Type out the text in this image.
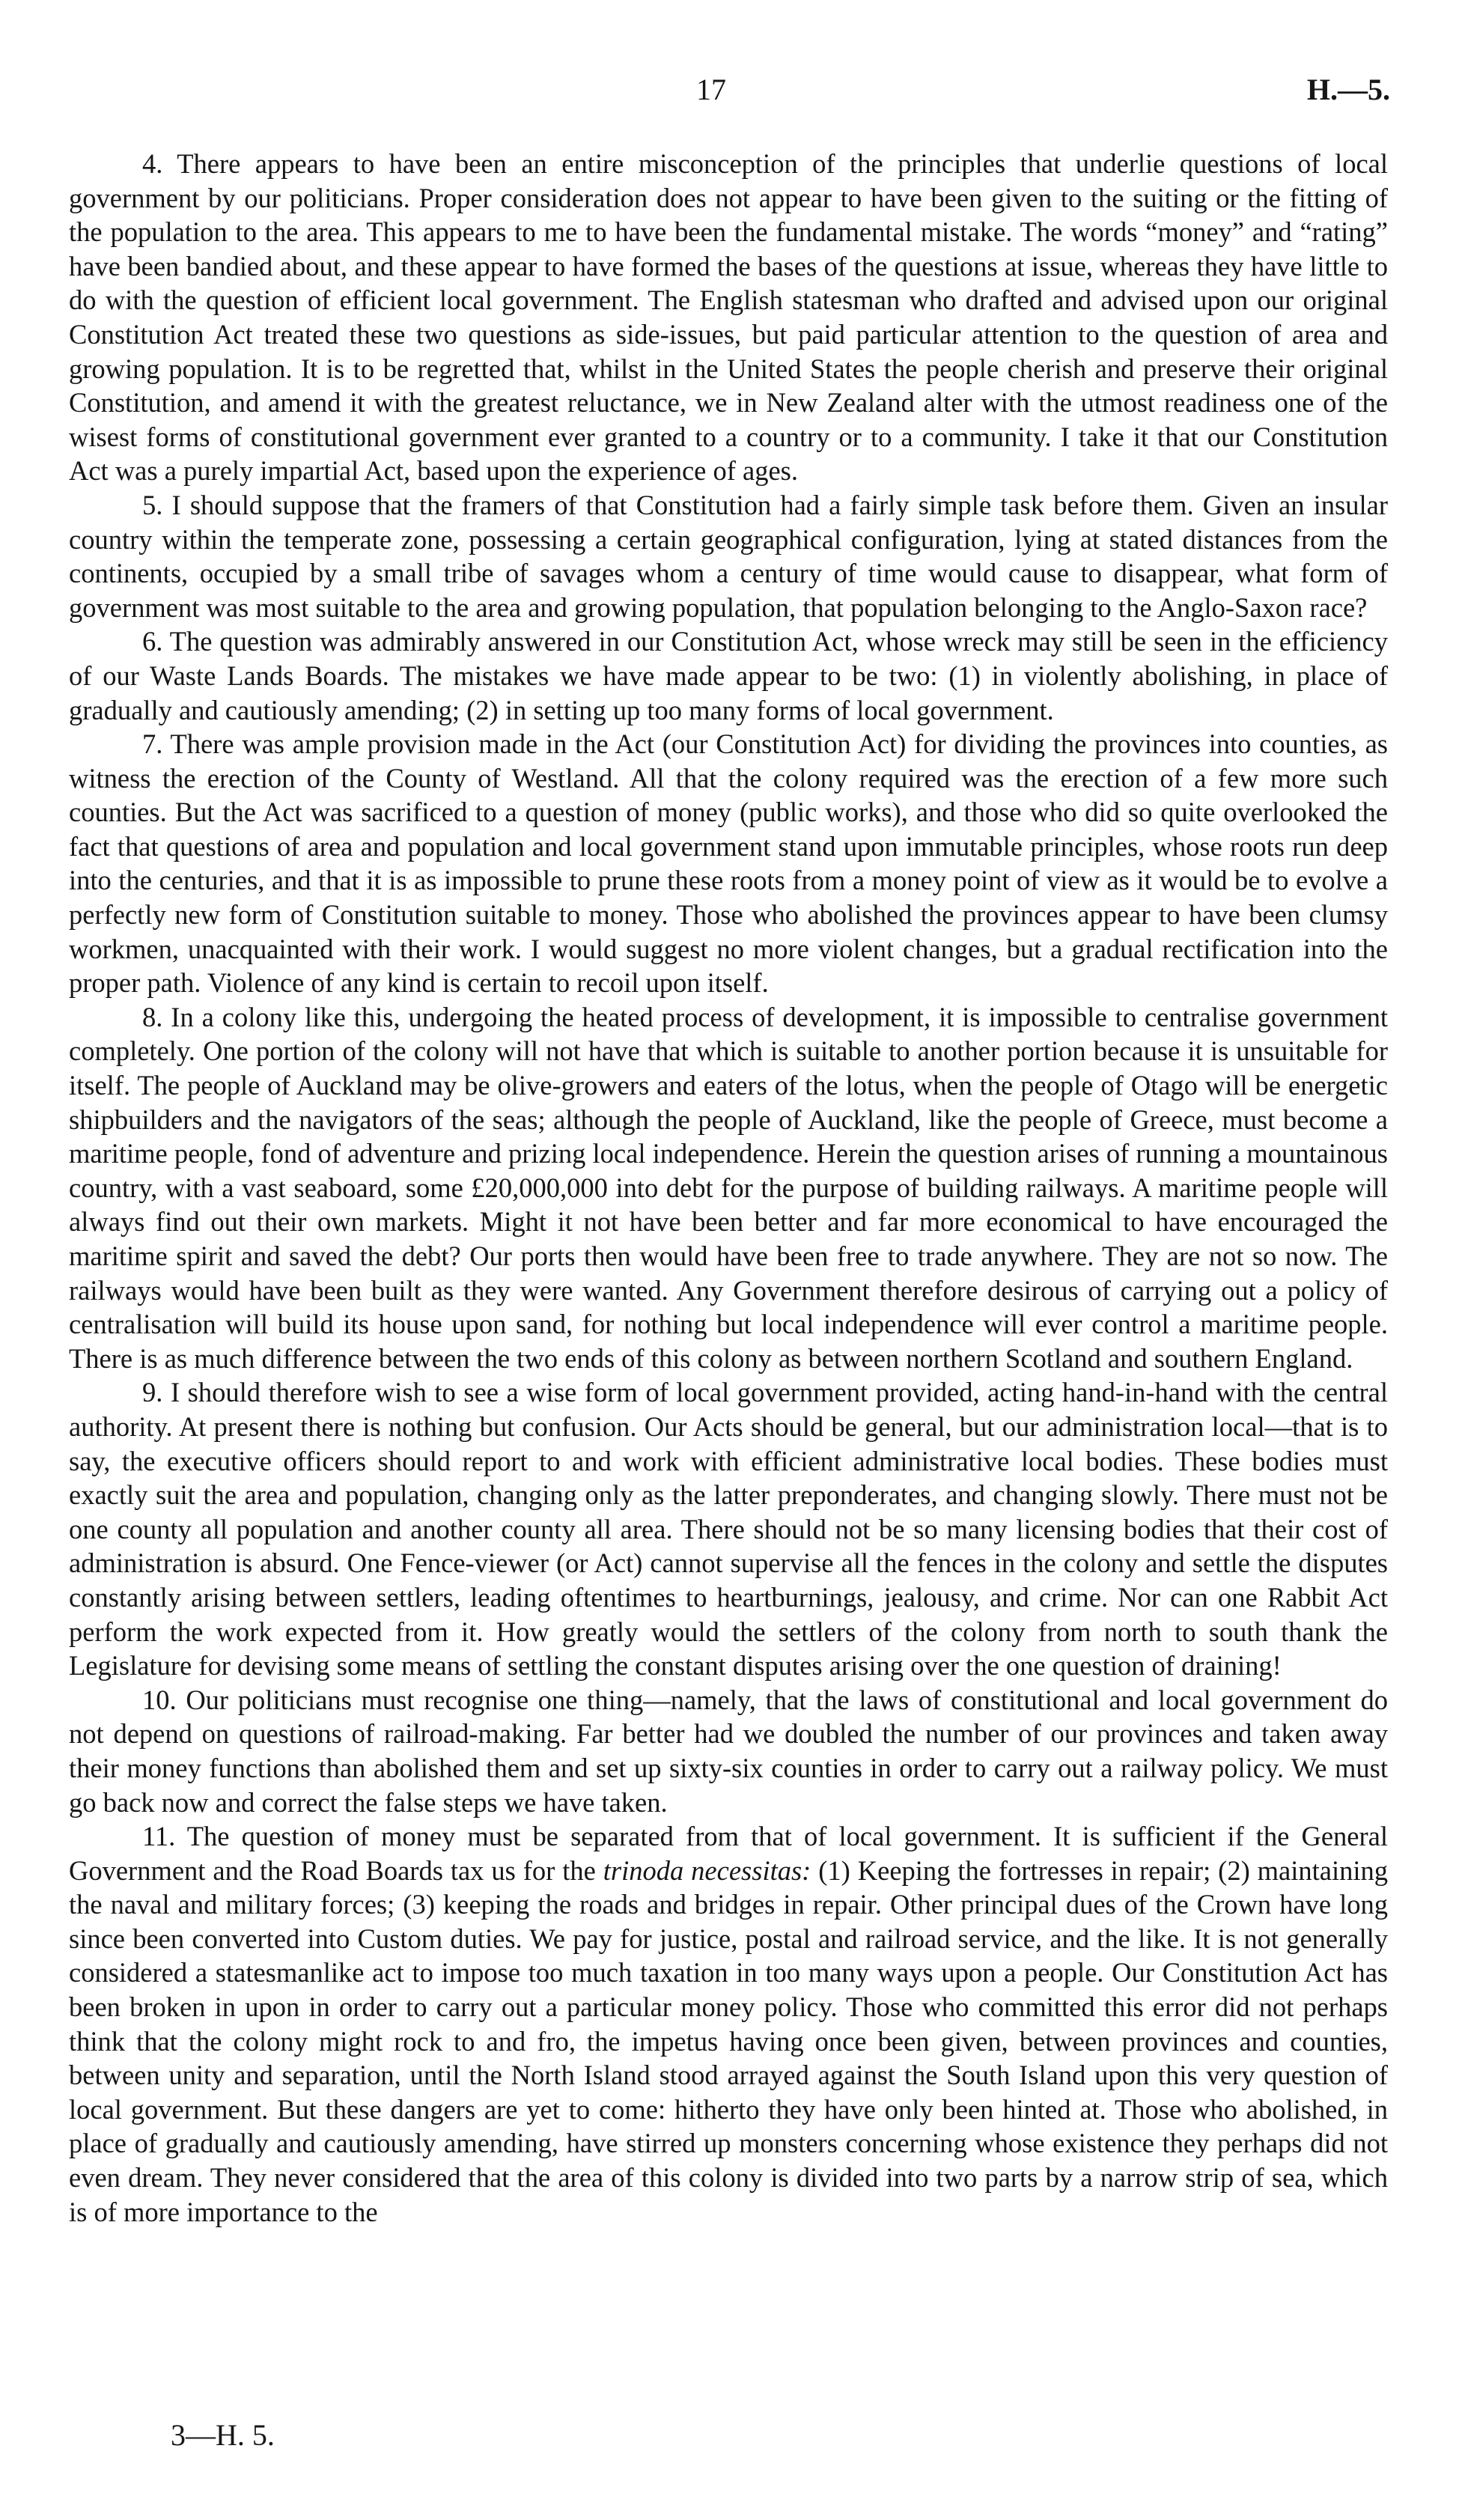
17	H.—5.

4. There appears to have been an entire misconception of the principles that underlie questions of local government by our politicians. Proper consideration does not appear to have been given to the suiting or the fitting of the population to the area. This appears to me to have been the fundamental mistake. The words “money” and “rating” have been bandied about, and these appear to have formed the bases of the questions at issue, whereas they have little to do with the question of efficient local government. The English statesman who drafted and advised upon our original Constitution Act treated these two questions as side-issues, but paid particular attention to the question of area and growing population. It is to be regretted that, whilst in the United States the people cherish and preserve their original Constitution, and amend it with the greatest reluctance, we in New Zealand alter with the utmost readiness one of the wisest forms of constitutional government ever granted to a country or to a community. I take it that our Constitution Act was a purely impartial Act, based upon the experience of ages.

5. I should suppose that the framers of that Constitution had a fairly simple task before them. Given an insular country within the temperate zone, possessing a certain geographical configuration, lying at stated distances from the continents, occupied by a small tribe of savages whom a century of time would cause to disappear, what form of government was most suitable to the area and growing population, that population belonging to the Anglo-Saxon race?

6. The question was admirably answered in our Constitution Act, whose wreck may still be seen in the efficiency of our Waste Lands Boards. The mistakes we have made appear to be two: (1) in violently abolishing, in place of gradually and cautiously amending; (2) in setting up too many forms of local government.

7. There was ample provision made in the Act (our Constitution Act) for dividing the provinces into counties, as witness the erection of the County of Westland. All that the colony required was the erection of a few more such counties. But the Act was sacrificed to a question of money (public works), and those who did so quite overlooked the fact that questions of area and population and local government stand upon immutable principles, whose roots run deep into the centuries, and that it is as impossible to prune these roots from a money point of view as it would be to evolve a perfectly new form of Constitution suitable to money. Those who abolished the provinces appear to have been clumsy workmen, unacquainted with their work. I would suggest no more violent changes, but a gradual rectification into the proper path. Violence of any kind is certain to recoil upon itself.

8. In a colony like this, undergoing the heated process of development, it is impossible to centralise government completely. One portion of the colony will not have that which is suitable to another portion because it is unsuitable for itself. The people of Auckland may be olive-growers and eaters of the lotus, when the people of Otago will be energetic shipbuilders and the navigators of the seas; although the people of Auckland, like the people of Greece, must become a maritime people, fond of adventure and prizing local independence. Herein the question arises of running a mountainous country, with a vast seaboard, some £20,000,000 into debt for the purpose of building railways. A maritime people will always find out their own markets. Might it not have been better and far more economical to have encouraged the maritime spirit and saved the debt? Our ports then would have been free to trade anywhere. They are not so now. The railways would have been built as they were wanted. Any Government therefore desirous of carrying out a policy of centralisation will build its house upon sand, for nothing but local independence will ever control a maritime people. There is as much difference between the two ends of this colony as between northern Scotland and southern England.

9. I should therefore wish to see a wise form of local government provided, acting hand-in-hand with the central authority. At present there is nothing but confusion. Our Acts should be general, but our administration local—that is to say, the executive officers should report to and work with efficient administrative local bodies. These bodies must exactly suit the area and population, changing only as the latter preponderates, and changing slowly. There must not be one county all population and another county all area. There should not be so many licensing bodies that their cost of administration is absurd. One Fence-viewer (or Act) cannot supervise all the fences in the colony and settle the disputes constantly arising between settlers, leading oftentimes to heartburnings, jealousy, and crime. Nor can one Rabbit Act perform the work expected from it. How greatly would the settlers of the colony from north to south thank the Legislature for devising some means of settling the constant disputes arising over the one question of draining!

10. Our politicians must recognise one thing—namely, that the laws of constitutional and local government do not depend on questions of railroad-making. Far better had we doubled the number of our provinces and taken away their money functions than abolished them and set up sixty-six counties in order to carry out a railway policy. We must go back now and correct the false steps we have taken.

11. The question of money must be separated from that of local government. It is sufficient if the General Government and the Road Boards tax us for the trinoda necessitas: (1) Keeping the fortresses in repair; (2) maintaining the naval and military forces; (3) keeping the roads and bridges in repair. Other principal dues of the Crown have long since been converted into Custom duties. We pay for justice, postal and railroad service, and the like. It is not generally considered a statesmanlike act to impose too much taxation in too many ways upon a people. Our Constitution Act has been broken in upon in order to carry out a particular money policy. Those who committed this error did not perhaps think that the colony might rock to and fro, the impetus having once been given, between provinces and counties, between unity and separation, until the North Island stood arrayed against the South Island upon this very question of local government. But these dangers are yet to come: hitherto they have only been hinted at. Those who abolished, in place of gradually and cautiously amending, have stirred up monsters concerning whose existence they perhaps did not even dream. They never considered that the area of this colony is divided into two parts by a narrow strip of sea, which is of more importance to the

3—H. 5.
